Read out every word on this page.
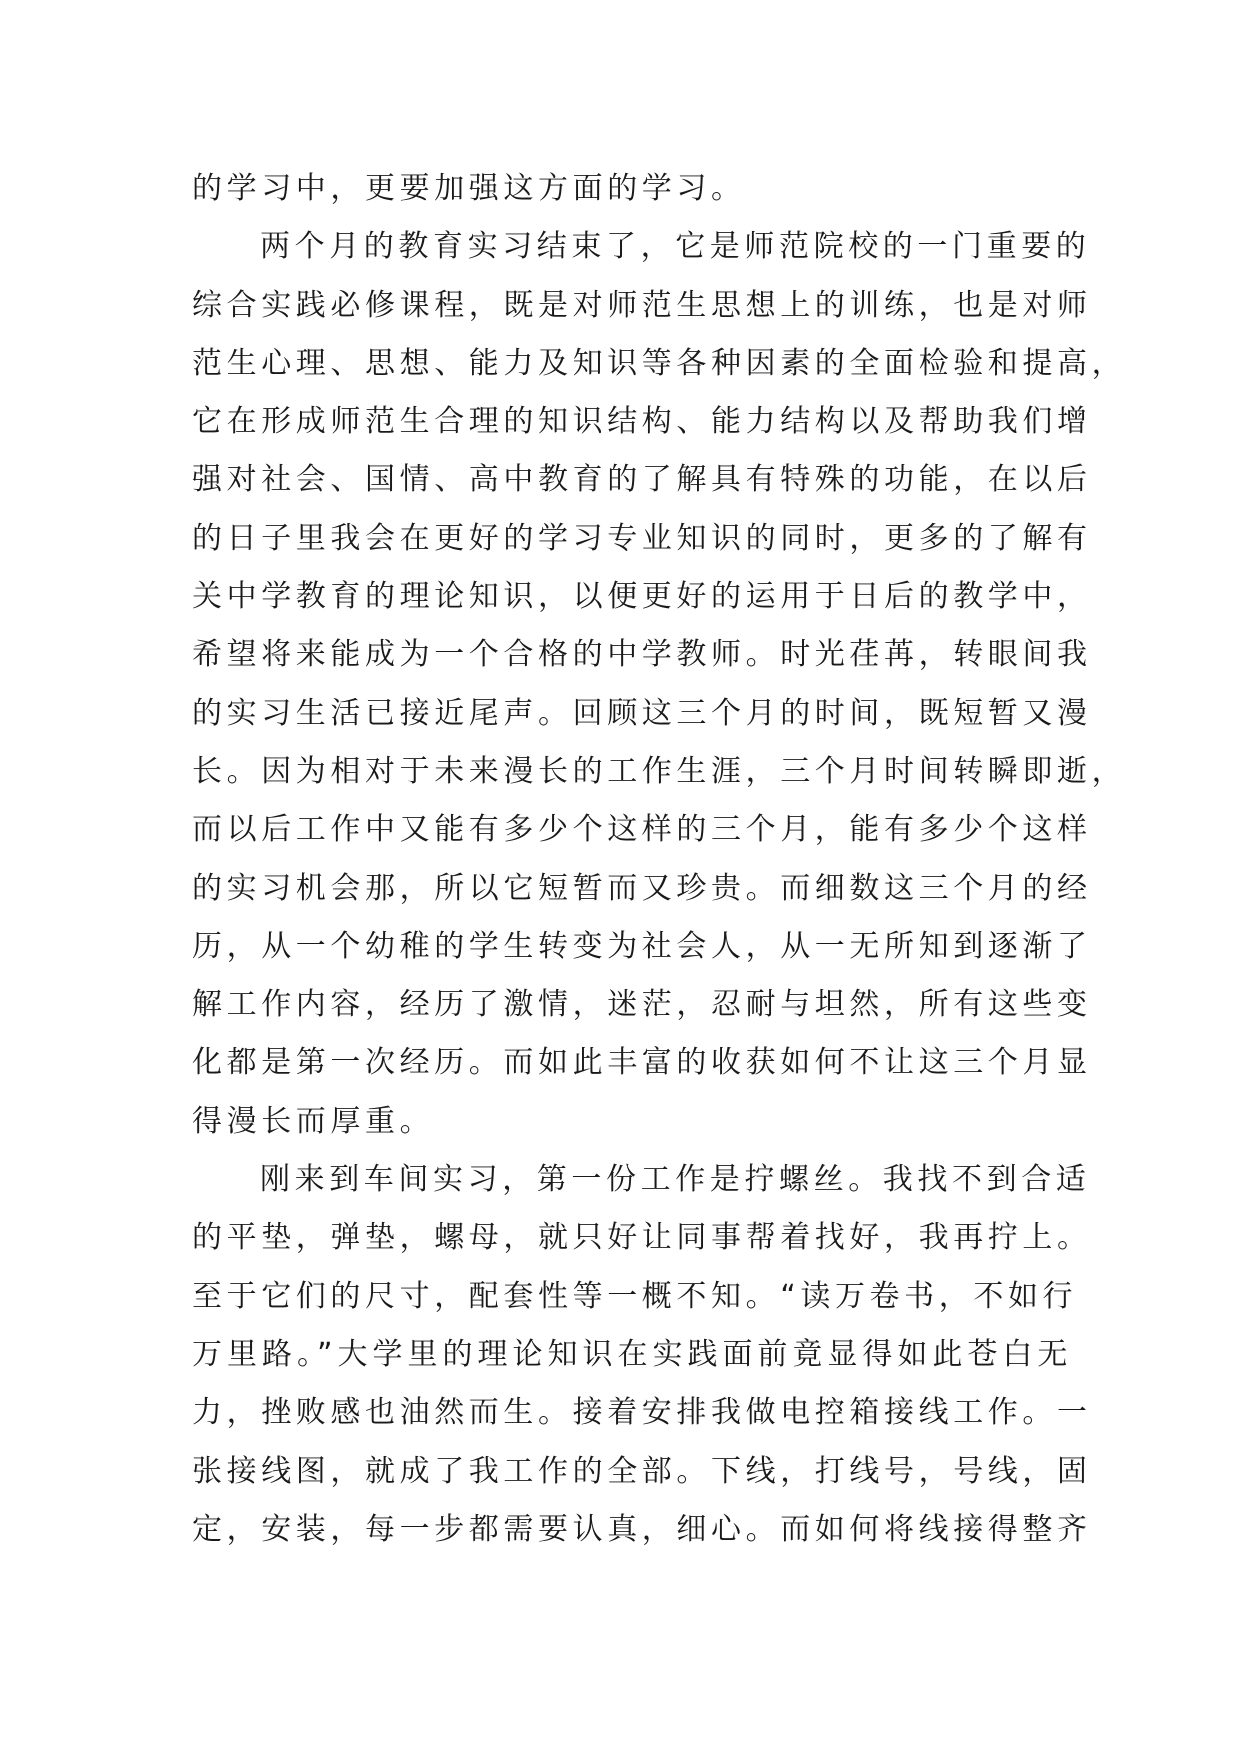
的学习中，更要加强这方面的学习。
两个月的教育实习结束了，它是师范院校的一门重要的
综合实践必修课程，既是对师范生思想上的训练，也是对师
范生心理、思想、能力及知识等各种因素的全面检验和提高，
它在形成师范生合理的知识结构、能力结构以及帮助我们增
强对社会、国情、高中教育的了解具有特殊的功能，在以后
的日子里我会在更好的学习专业知识的同时，更多的了解有
关中学教育的理论知识，以便更好的运用于日后的教学中，
希望将来能成为一个合格的中学教师。时光荏苒，转眼间我
的实习生活已接近尾声。回顾这三个月的时间，既短暂又漫
长。因为相对于未来漫长的工作生涯，三个月时间转瞬即逝，
而以后工作中又能有多少个这样的三个月，能有多少个这样
的实习机会那，所以它短暂而又珍贵。而细数这三个月的经
历，从一个幼稚的学生转变为社会人，从一无所知到逐渐了
解工作内容，经历了激情，迷茫，忍耐与坦然，所有这些变
化都是第一次经历。而如此丰富的收获如何不让这三个月显
得漫长而厚重。
刚来到车间实习，第一份工作是拧螺丝。我找不到合适
的平垫，弹垫，螺母，就只好让同事帮着找好，我再拧上。
至于它们的尺寸，配套性等一概不知。“读万卷书，不如行
万里路。”大学里的理论知识在实践面前竟显得如此苍白无
力，挫败感也油然而生。接着安排我做电控箱接线工作。一
张接线图，就成了我工作的全部。下线，打线号，号线，固
定，安装，每一步都需要认真，细心。而如何将线接得整齐
